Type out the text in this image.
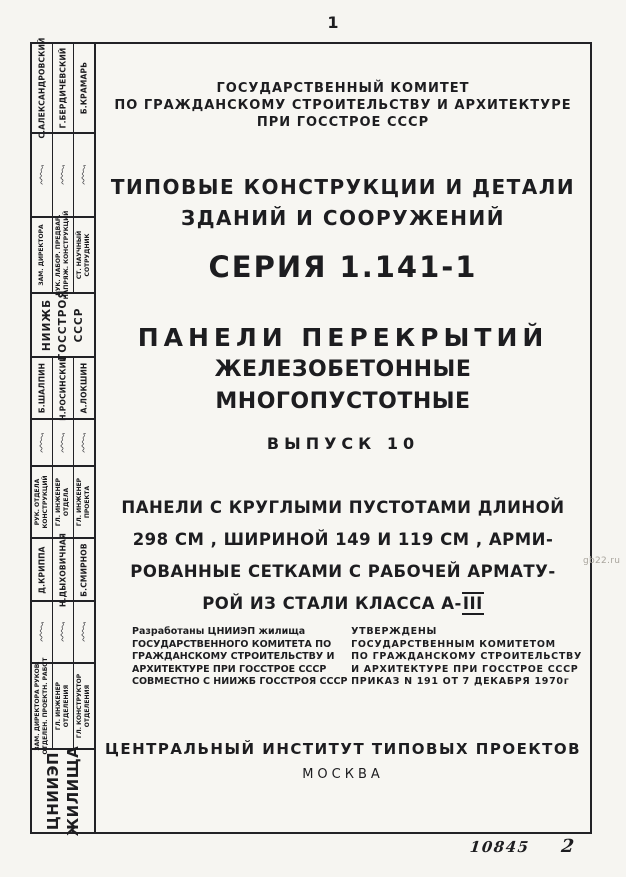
1
С.АЛЕКСАНДРОВСКИЙ Г.БЕРДИЧЕВСКИЙ Б.КРАМАРЬ
ЗАМ. ДИРЕКТОРА РУК. ЛАБОР. ПРЕДВАР. НАПРЯЖ. КОНСТРУКЦИЙ СТ. НАУЧНЫЙ СОТРУДНИК
НИИЖБ ГОССТРОЯ СССР
Б.ШАЛПИН Н.РОСИНСКИЙ А.ЛОКШИН
РУК. ОТДЕЛА КОНСТРУКЦИЙ ГЛ. ИНЖЕНЕР ОТДЕЛА ГЛ. ИНЖЕНЕР ПРОЕКТА
Д.КРИППА Н.ДЫХОВИЧНАЯ Б.СМИРНОВ
ЗАМ. ДИРЕКТОРА РУКОВ. ОТДЕЛЕН. ПРОЕКТН. РАБОТ ГЛ. ИНЖЕНЕР ОТДЕЛЕНИЯ ГЛ. КОНСТРУКТОР ОТДЕЛЕНИЯ
ЦНИИЭП ЖИЛИЩА
ГОСУДАРСТВЕННЫЙ КОМИТЕТ
ПО ГРАЖДАНСКОМУ СТРОИТЕЛЬСТВУ И АРХИТЕКТУРЕ
ПРИ ГОССТРОЕ СССР
ТИПОВЫЕ КОНСТРУКЦИИ И ДЕТАЛИ
ЗДАНИЙ И СООРУЖЕНИЙ
СЕРИЯ 1.141-1
ПАНЕЛИ ПЕРЕКРЫТИЙ
ЖЕЛЕЗОБЕТОННЫЕ МНОГОПУСТОТНЫЕ
ВЫПУСК 10
ПАНЕЛИ С КРУГЛЫМИ ПУСТОТАМИ ДЛИНОЙ
298 СМ , ШИРИНОЙ 149 И 119 СМ , АРМИ-
РОВАННЫЕ СЕТКАМИ С РАБОЧЕЙ АРМАТУ-
РОЙ ИЗ СТАЛИ КЛАССА А-III
Разработаны ЦНИИЭП жилища
ГОСУДАРСТВЕННОГО КОМИТЕТА ПО
ГРАЖДАНСКОМУ СТРОИТЕЛЬСТВУ И
АРХИТЕКТУРЕ ПРИ ГОССТРОЕ СССР
СОВМЕСТНО С НИИЖБ ГОССТРОЯ СССР
УТВЕРЖДЕНЫ
ГОСУДАРСТВЕННЫМ КОМИТЕТОМ
ПО ГРАЖДАНСКОМУ СТРОИТЕЛЬСТВУ
И АРХИТЕКТУРЕ ПРИ ГОССТРОЕ СССР
ПРИКАЗ N 191 ОТ 7 ДЕКАБРЯ 1970г
ЦЕНТРАЛЬНЫЙ ИНСТИТУТ ТИПОВЫХ ПРОЕКТОВ
МОСКВА
10845 2
gb22.ru
